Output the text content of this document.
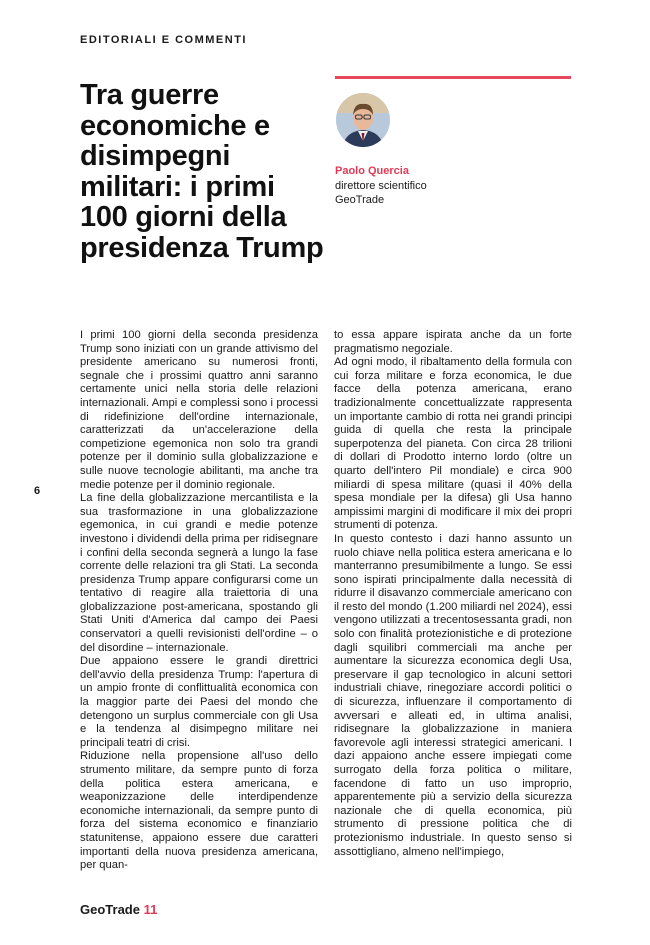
EDITORIALI E COMMENTI
Tra guerre economiche e disimpegni militari: i primi 100 giorni della presidenza Trump
Paolo Quercia
direttore scientifico
GeoTrade
6

I primi 100 giorni della seconda presidenza Trump sono iniziati con un grande attivismo del presidente americano su numerosi fronti, segnale che i prossimi quattro anni saranno certamente unici nella storia delle relazioni internazionali. Ampi e complessi sono i processi di ridefinizione dell'ordine internazionale, caratterizzati da un'accelerazione della competizione egemonica non solo tra grandi potenze per il dominio sulla globalizzazione e sulle nuove tecnologie abilitanti, ma anche tra medie potenze per il dominio regionale.

La fine della globalizzazione mercantilista e la sua trasformazione in una globalizzazione egemonica, in cui grandi e medie potenze investono i dividendi della prima per ridisegnare i confini della seconda segnerà a lungo la fase corrente delle relazioni tra gli Stati. La seconda presidenza Trump appare configurarsi come un tentativo di reagire alla traiettoria di una globalizzazione post-americana, spostando gli Stati Uniti d'America dal campo dei Paesi conservatori a quelli revisionisti dell'ordine – o del disordine – internazionale.

Due appaiono essere le grandi direttrici dell'avvio della presidenza Trump: l'apertura di un ampio fronte di conflittualità economica con la maggior parte dei Paesi del mondo che detengono un surplus commerciale con gli Usa e la tendenza al disimpegno militare nei principali teatri di crisi.

Riduzione nella propensione all'uso dello strumento militare, da sempre punto di forza della politica estera americana, e weaponizzazione delle interdipendenze economiche internazionali, da sempre punto di forza del sistema economico e finanziario statunitense, appaiono essere due caratteri importanti della nuova presidenza americana, per quan-

to essa appare ispirata anche da un forte pragmatismo negoziale.

Ad ogni modo, il ribaltamento della formula con cui forza militare e forza economica, le due facce della potenza americana, erano tradizionalmente concettualizzate rappresenta un importante cambio di rotta nei grandi principi guida di quella che resta la principale superpotenza del pianeta. Con circa 28 trilioni di dollari di Prodotto interno lordo (oltre un quarto dell'intero Pil mondiale) e circa 900 miliardi di spesa militare (quasi il 40% della spesa mondiale per la difesa) gli Usa hanno ampissimi margini di modificare il mix dei propri strumenti di potenza.

In questo contesto i dazi hanno assunto un ruolo chiave nella politica estera americana e lo manterranno presumibilmente a lungo. Se essi sono ispirati principalmente dalla necessità di ridurre il disavanzo commerciale americano con il resto del mondo (1.200 miliardi nel 2024), essi vengono utilizzati a trecentosessanta gradi, non solo con finalità protezionistiche e di protezione dagli squilibri commerciali ma anche per aumentare la sicurezza economica degli Usa, preservare il gap tecnologico in alcuni settori industriali chiave, rinegoziare accordi politici o di sicurezza, influenzare il comportamento di avversari e alleati ed, in ultima analisi, ridisegnare la globalizzazione in maniera favorevole agli interessi strategici americani. I dazi appaiono anche essere impiegati come surrogato della forza politica o militare, facendone di fatto un uso improprio, apparentemente più a servizio della sicurezza nazionale che di quella economica, più strumento di pressione politica che di protezionismo industriale. In questo senso si assottigliano, almeno nell'impiego,

GeoTrade 11
